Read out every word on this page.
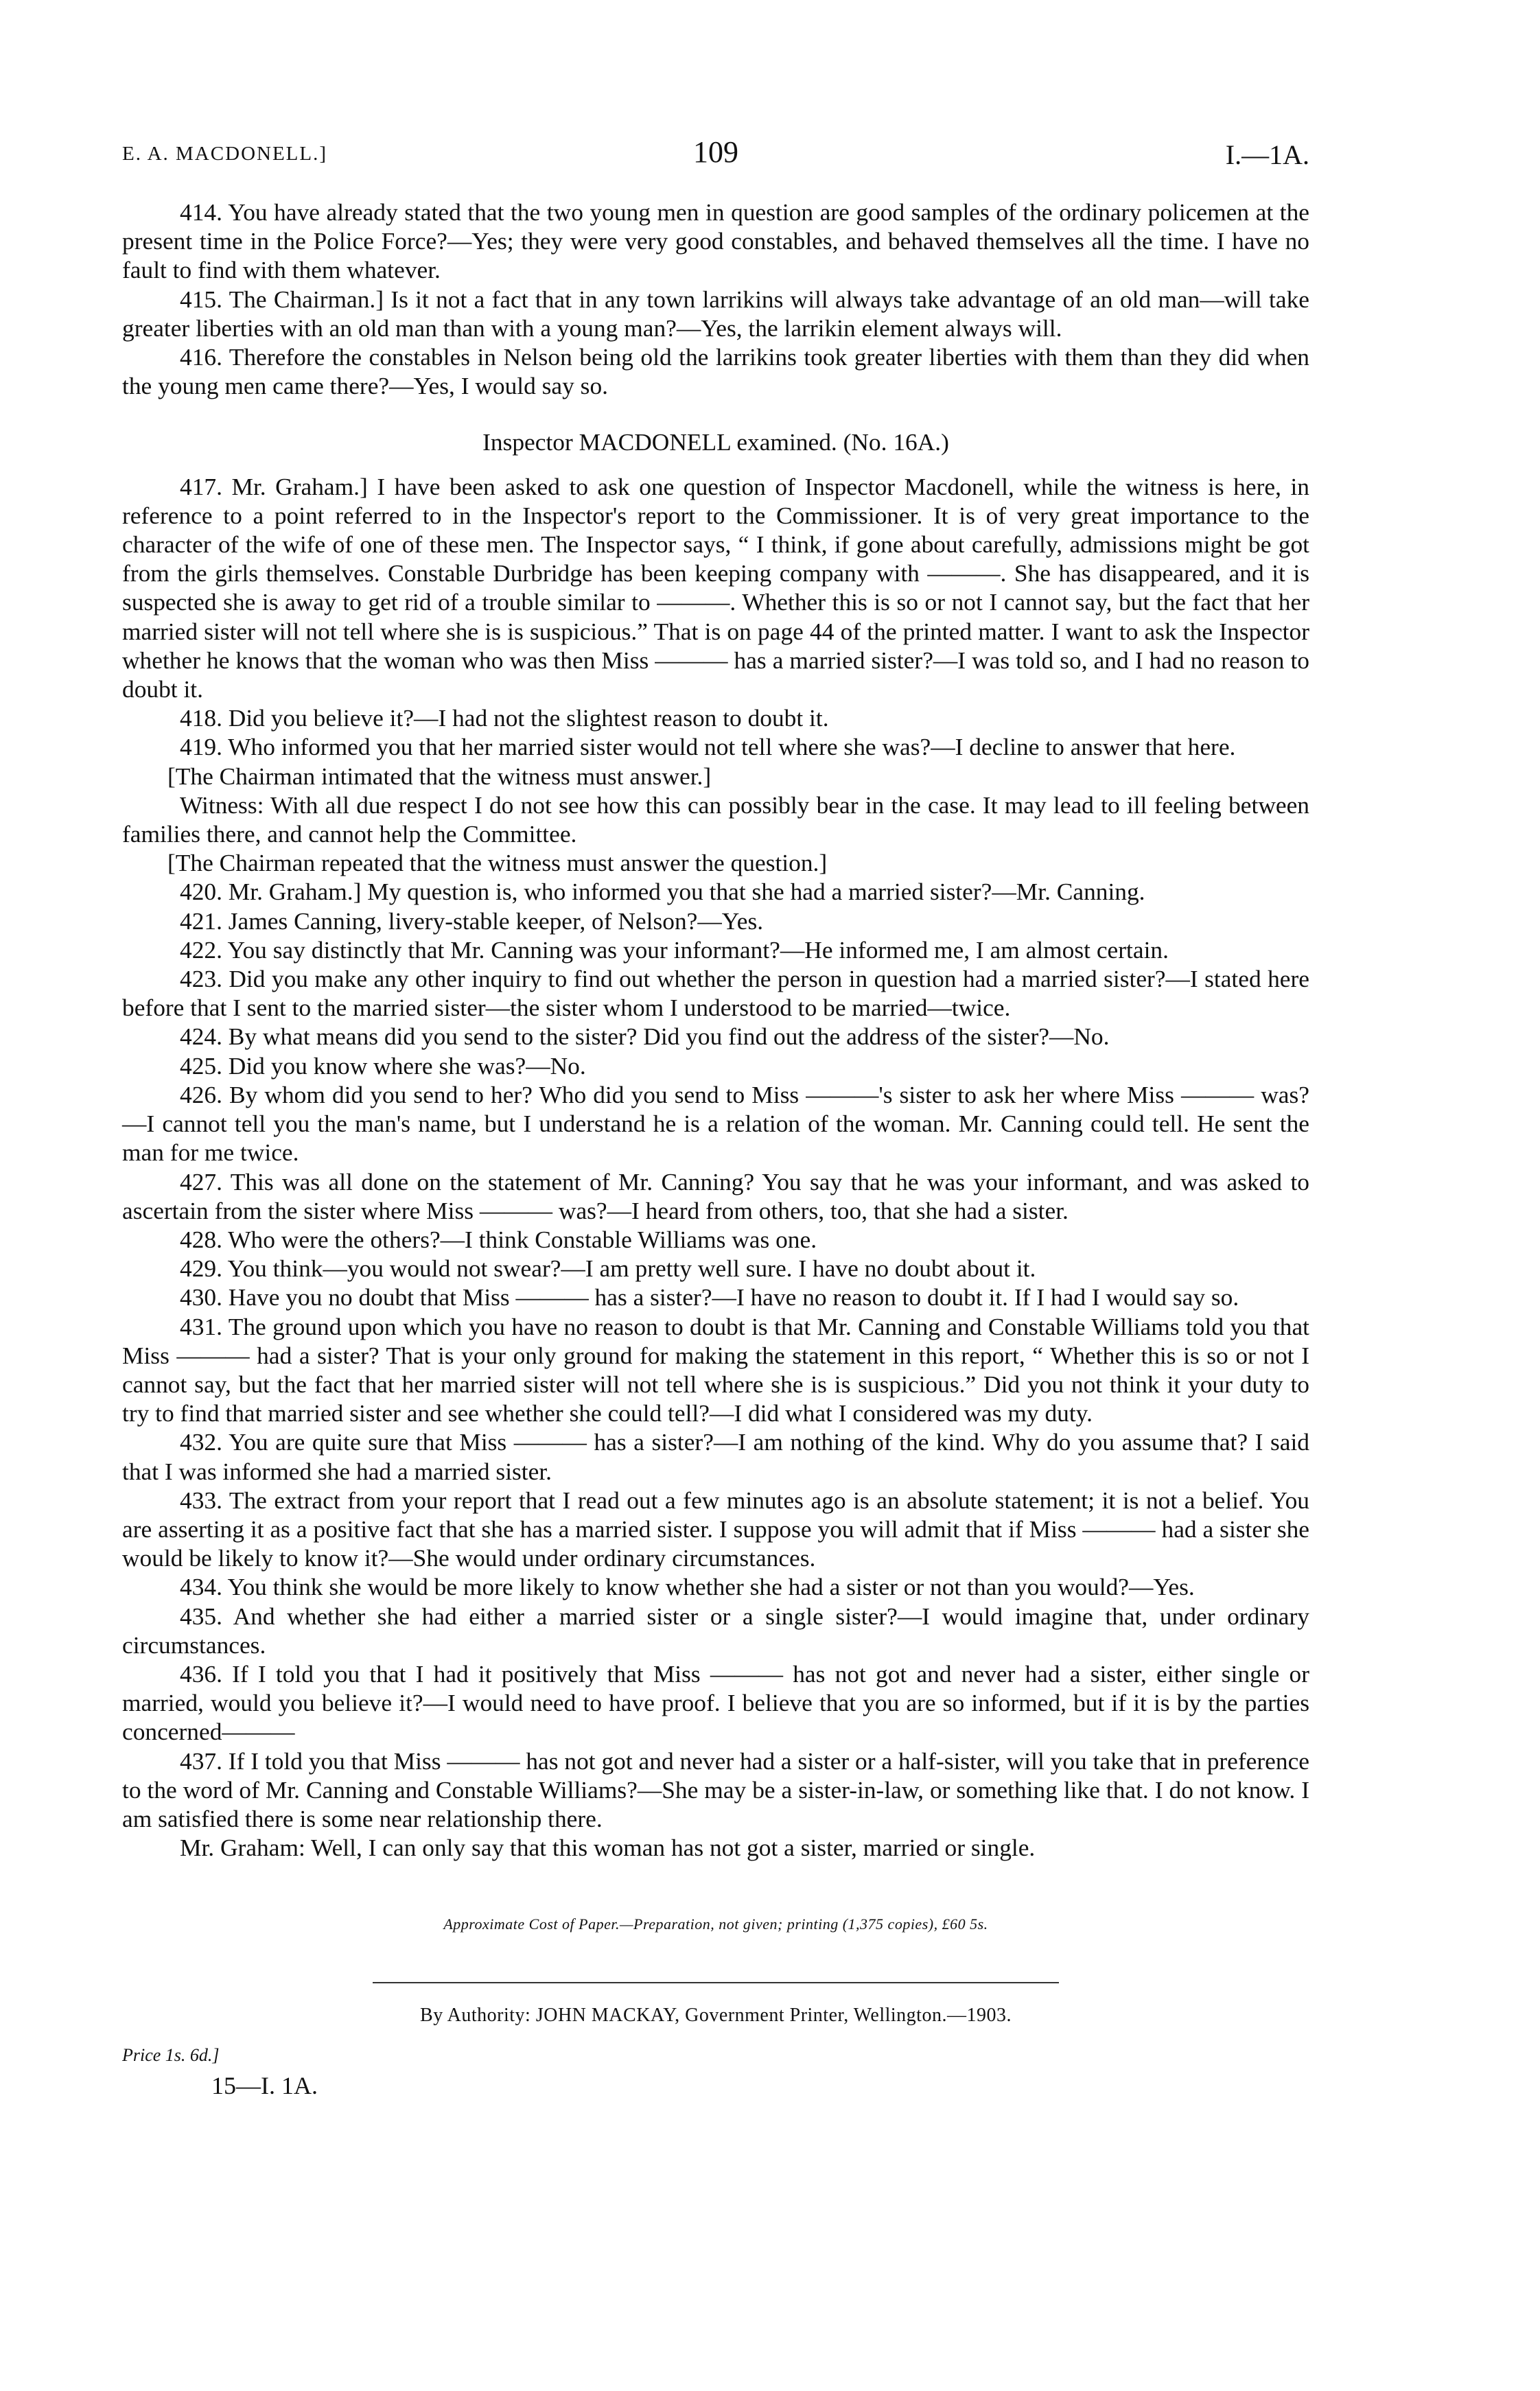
E. A. MACDONELL.]	109	I.—1A.

414. You have already stated that the two young men in question are good samples of the ordinary policemen at the present time in the Police Force?—Yes; they were very good constables, and behaved themselves all the time. I have no fault to find with them whatever.

415. The Chairman.] Is it not a fact that in any town larrikins will always take advantage of an old man—will take greater liberties with an old man than with a young man?—Yes, the larrikin element always will.

416. Therefore the constables in Nelson being old the larrikins took greater liberties with them than they did when the young men came there?—Yes, I would say so.

Inspector MACDONELL examined. (No. 16A.)

417. Mr. Graham.] I have been asked to ask one question of Inspector Macdonell, while the witness is here, in reference to a point referred to in the Inspector's report to the Commissioner. It is of very great importance to the character of the wife of one of these men. The Inspector says, “ I think, if gone about carefully, admissions might be got from the girls themselves. Constable Durbridge has been keeping company with ———. She has disappeared, and it is suspected she is away to get rid of a trouble similar to ———. Whether this is so or not I cannot say, but the fact that her married sister will not tell where she is is suspicious.” That is on page 44 of the printed matter. I want to ask the Inspector whether he knows that the woman who was then Miss ——— has a married sister?—I was told so, and I had no reason to doubt it.

418. Did you believe it?—I had not the slightest reason to doubt it.

419. Who informed you that her married sister would not tell where she was?—I decline to answer that here.

[The Chairman intimated that the witness must answer.]

Witness: With all due respect I do not see how this can possibly bear in the case. It may lead to ill feeling between families there, and cannot help the Committee.

[The Chairman repeated that the witness must answer the question.]

420. Mr. Graham.] My question is, who informed you that she had a married sister?—Mr. Canning.

421. James Canning, livery-stable keeper, of Nelson?—Yes.

422. You say distinctly that Mr. Canning was your informant?—He informed me, I am almost certain.

423. Did you make any other inquiry to find out whether the person in question had a married sister?—I stated here before that I sent to the married sister—the sister whom I understood to be married—twice.

424. By what means did you send to the sister? Did you find out the address of the sister?—No.

425. Did you know where she was?—No.

426. By whom did you send to her? Who did you send to Miss ———'s sister to ask her where Miss ——— was?—I cannot tell you the man's name, but I understand he is a relation of the woman. Mr. Canning could tell. He sent the man for me twice.

427. This was all done on the statement of Mr. Canning? You say that he was your informant, and was asked to ascertain from the sister where Miss ——— was?—I heard from others, too, that she had a sister.

428. Who were the others?—I think Constable Williams was one.

429. You think—you would not swear?—I am pretty well sure. I have no doubt about it.

430. Have you no doubt that Miss ——— has a sister?—I have no reason to doubt it. If I had I would say so.

431. The ground upon which you have no reason to doubt is that Mr. Canning and Constable Williams told you that Miss ——— had a sister? That is your only ground for making the statement in this report, “ Whether this is so or not I cannot say, but the fact that her married sister will not tell where she is is suspicious.” Did you not think it your duty to try to find that married sister and see whether she could tell?—I did what I considered was my duty.

432. You are quite sure that Miss ——— has a sister?—I am nothing of the kind. Why do you assume that? I said that I was informed she had a married sister.

433. The extract from your report that I read out a few minutes ago is an absolute statement; it is not a belief. You are asserting it as a positive fact that she has a married sister. I suppose you will admit that if Miss ——— had a sister she would be likely to know it?—She would under ordinary circumstances.

434. You think she would be more likely to know whether she had a sister or not than you would?—Yes.

435. And whether she had either a married sister or a single sister?—I would imagine that, under ordinary circumstances.

436. If I told you that I had it positively that Miss ——— has not got and never had a sister, either single or married, would you believe it?—I would need to have proof. I believe that you are so informed, but if it is by the parties concerned———

437. If I told you that Miss ——— has not got and never had a sister or a half-sister, will you take that in preference to the word of Mr. Canning and Constable Williams?—She may be a sister-in-law, or something like that. I do not know. I am satisfied there is some near relationship there.

Mr. Graham: Well, I can only say that this woman has not got a sister, married or single.

Approximate Cost of Paper.—Preparation, not given; printing (1,375 copies), £60 5s.
By Authority: JOHN MACKAY, Government Printer, Wellington.—1903.
Price 1s. 6d.]
15—I. 1A.
